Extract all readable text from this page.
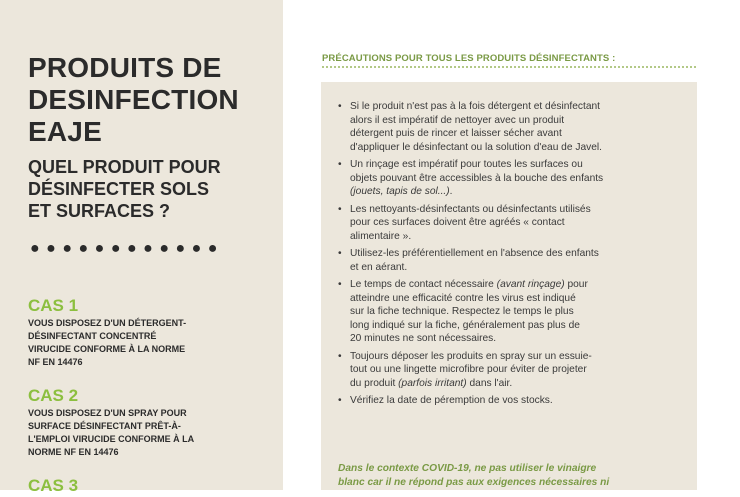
PRODUITS DE
DESINFECTION
EAJE
QUEL PRODUIT POUR
DÉSINFECTER SOLS
ET SURFACES ?
●●●●●●●●●●●●

CAS 1

VOUS DISPOSEZ D'UN DÉTERGENT-
DÉSINFECTANT CONCENTRÉ
VIRUCIDE CONFORME À LA NORME
NF EN 14476

CAS 2

VOUS DISPOSEZ D'UN SPRAY POUR
SURFACE DÉSINFECTANT PRÊT-À-
L'EMPLOI VIRUCIDE CONFORME À LA
NORME NF EN 14476

CAS 3

PRÉCAUTIONS POUR TOUS LES PRODUITS DÉSINFECTANTS :
• Si le produit n'est pas à la fois détergent et désinfectant
alors il est impératif de nettoyer avec un produit
détergent puis de rincer et laisser sécher avant
d'appliquer le désinfectant ou la solution d'eau de Javel.
• Un rinçage est impératif pour toutes les surfaces ou
objets pouvant être accessibles à la bouche des enfants
(jouets, tapis de sol...).
• Les nettoyants-désinfectants ou désinfectants utilisés
pour ces surfaces doivent être agréés « contact
alimentaire ».
• Utilisez-les préférentiellement en l'absence des enfants
et en aérant.
• Le temps de contact nécessaire (avant rinçage) pour
atteindre une efficacité contre les virus est indiqué
sur la fiche technique. Respectez le temps le plus
long indiqué sur la fiche, généralement pas plus de
20 minutes ne sont nécessaires.
• Toujours déposer les produits en spray sur un essuie-
tout ou une lingette microfibre pour éviter de projeter
du produit (parfois irritant) dans l'air.
• Vérifiez la date de péremption de vos stocks.
Dans le contexte COVID-19, ne pas utiliser le vinaigre
blanc car il ne répond pas aux exigences nécessaires ni
